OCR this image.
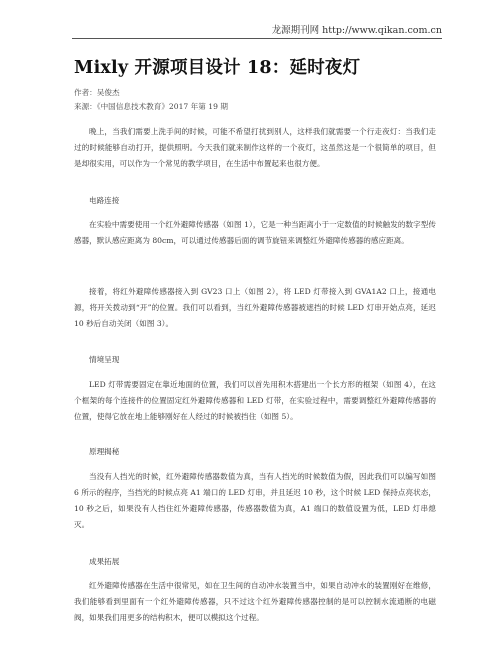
龙源期刊网 http://www.qikan.com.cn
Mixly 开源项目设计 18：延时夜灯
作者：吴俊杰
来源：《中国信息技术教育》2017 年第 19 期

晚上，当我们需要上洗手间的时候，可能不希望打扰到别人，这样我们就需要一个行走夜灯：当我们走过的时候能够自动打开，提供照明。今天我们就来制作这样的一个夜灯，这虽然这是一个很简单的项目，但是却很实用，可以作为一个常见的教学项目，在生活中布置起来也很方便。

电路连接

在实验中需要使用一个红外避障传感器（如图 1），它是一种当距离小于一定数值的时候触发的数字型传感器，默认感应距离为 80cm，可以通过传感器后面的调节旋钮来调整红外避障传感器的感应距离。

接着，将红外避障传感器接入到 GV23 口上（如图 2），将 LED 灯带接入到 GVA1A2 口上，接通电源，将开关拨动到“开”的位置。我们可以看到，当红外避障传感器被遮挡的时候 LED 灯串开始点亮，延迟 10 秒后自动关闭（如图 3）。

情境呈现

LED 灯带需要固定在靠近地面的位置，我们可以首先用积木搭建出一个长方形的框架（如图 4），在这个框架的每个连接件的位置固定红外避障传感器和 LED 灯带，在实验过程中，需要调整红外避障传感器的位置，使得它放在地上能够刚好在人经过的时候被挡住（如图 5）。

原理揭秘

当没有人挡光的时候，红外避障传感器数值为真，当有人挡光的时候数值为假，因此我们可以编写如图 6 所示的程序，当挡光的时候点亮 A1 端口的 LED 灯串，并且延迟 10 秒，这个时候 LED 保持点亮状态，10 秒之后，如果没有人挡住红外避障传感器，传感器数值为真，A1 端口的数值设置为低，LED 灯串熄灭。

成果拓展

红外避障传感器在生活中很常见，如在卫生间的自动冲水装置当中，如果自动冲水的装置刚好在维修，我们能够看到里面有一个红外避障传感器，只不过这个红外避障传感器控制的是可以控制水流通断的电磁阀，如果我们用更多的结构积木，便可以模拟这个过程。
